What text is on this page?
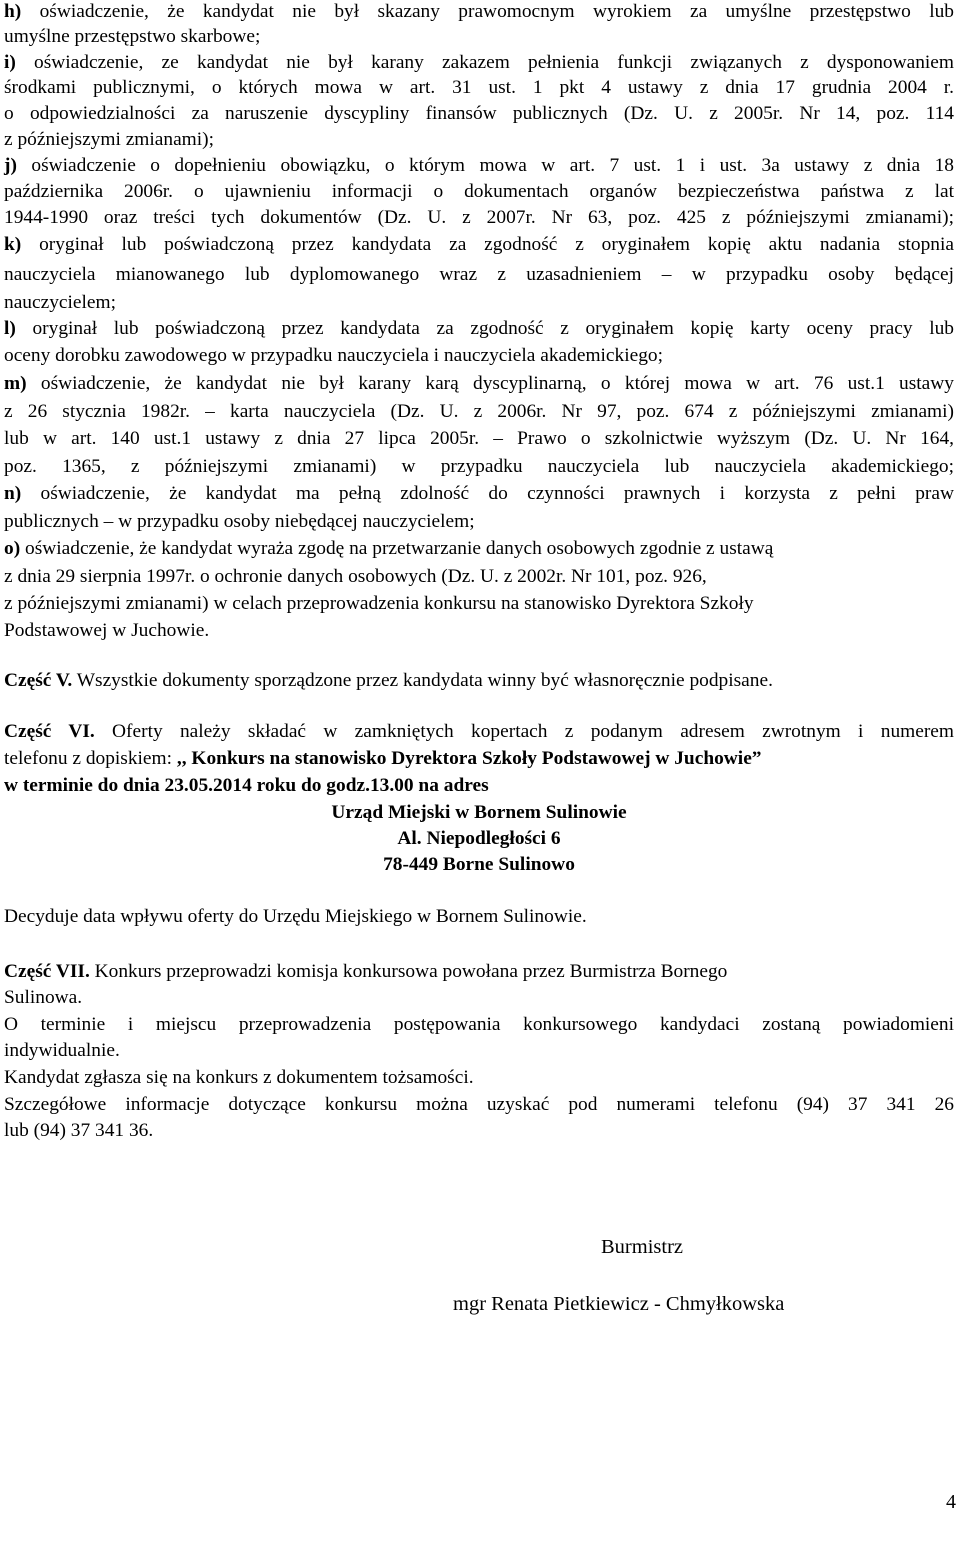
h) oświadczenie, że kandydat nie był skazany prawomocnym wyrokiem za umyślne przestępstwo lub
umyślne przestępstwo skarbowe;
i) oświadczenie, ze kandydat nie był karany zakazem pełnienia funkcji związanych z dysponowaniem
środkami publicznymi, o których mowa w art. 31 ust. 1 pkt 4 ustawy z dnia 17 grudnia 2004 r.
o odpowiedzialności za naruszenie dyscypliny finansów publicznych (Dz. U. z 2005r. Nr 14, poz. 114
z późniejszymi zmianami);
j) oświadczenie o dopełnieniu obowiązku, o którym mowa w art. 7 ust. 1 i ust. 3a ustawy z dnia 18
października 2006r. o ujawnieniu informacji o dokumentach organów bezpieczeństwa państwa z lat
1944-1990 oraz treści tych dokumentów (Dz. U. z 2007r. Nr 63, poz. 425 z późniejszymi zmianami);
k) oryginał lub poświadczoną przez kandydata za zgodność z oryginałem kopię aktu nadania stopnia
nauczyciela mianowanego lub dyplomowanego wraz z uzasadnieniem – w przypadku osoby będącej
nauczycielem;
l) oryginał lub poświadczoną przez kandydata za zgodność z oryginałem kopię karty oceny pracy lub
oceny dorobku zawodowego w przypadku nauczyciela i nauczyciela akademickiego;
m) oświadczenie, że kandydat nie był karany karą dyscyplinarną, o której mowa w art. 76 ust.1 ustawy
z 26 stycznia 1982r. – karta nauczyciela (Dz. U. z 2006r. Nr 97, poz. 674 z późniejszymi zmianami)
lub w art. 140 ust.1 ustawy z dnia 27 lipca 2005r. – Prawo o szkolnictwie wyższym (Dz. U. Nr 164,
poz. 1365, z późniejszymi zmianami) w przypadku nauczyciela lub nauczyciela akademickiego;
n) oświadczenie, że kandydat ma pełną zdolność do czynności prawnych i korzysta z pełni praw
publicznych – w przypadku osoby niebędącej nauczycielem;
o) oświadczenie, że kandydat wyraża zgodę na przetwarzanie danych osobowych zgodnie z ustawą
z dnia 29 sierpnia 1997r. o ochronie danych osobowych (Dz. U. z 2002r. Nr 101, poz. 926,
z późniejszymi zmianami) w celach przeprowadzenia konkursu na stanowisko Dyrektora Szkoły
Podstawowej w Juchowie.
Część V. Wszystkie dokumenty sporządzone przez kandydata winny być własnoręcznie podpisane.
Część VI. Oferty należy składać w zamkniętych kopertach z podanym adresem zwrotnym i numerem
telefonu z dopiskiem: ,, Konkurs na stanowisko Dyrektora Szkoły Podstawowej w Juchowie”
w terminie do dnia 23.05.2014 roku do godz.13.00 na adres
Urząd Miejski w Bornem Sulinowie
Al. Niepodległości 6
78-449 Borne Sulinowo
Decyduje data wpływu oferty do Urzędu Miejskiego w Bornem Sulinowie.
Część VII. Konkurs przeprowadzi komisja konkursowa powołana przez Burmistrza Bornego
Sulinowa.
O terminie i miejscu przeprowadzenia postępowania konkursowego kandydaci zostaną powiadomieni
indywidualnie.
Kandydat zgłasza się na konkurs z dokumentem tożsamości.
Szczegółowe informacje dotyczące konkursu można uzyskać pod numerami telefonu (94) 37 341 26
lub (94) 37 341 36.
Burmistrz
mgr Renata Pietkiewicz - Chmyłkowska
4
